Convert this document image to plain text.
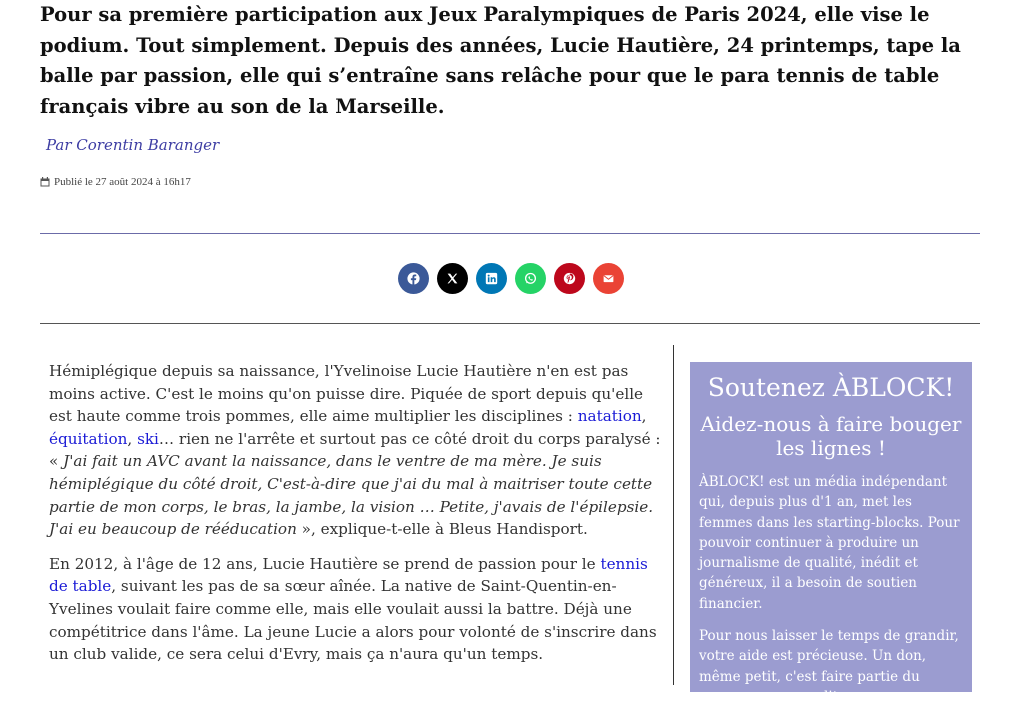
Pour sa première participation aux Jeux Paralympiques de Paris 2024, elle vise le podium. Tout simplement. Depuis des années, Lucie Hautière, 24 printemps, tape la balle par passion, elle qui s’entraîne sans relâche pour que le para tennis de table français vibre au son de la Marseille.

Par Corentin Baranger
Publié le 27 août 2024 à 16h17

Hémiplégique depuis sa naissance, l'Yvelinoise Lucie Hautière n'en est pas moins active. C'est le moins qu'on puisse dire. Piquée de sport depuis qu'elle est haute comme trois pommes, elle aime multiplier les disciplines : natation, équitation, ski… rien ne l'arrête et surtout pas ce côté droit du corps paralysé : « J'ai fait un AVC avant la naissance, dans le ventre de ma mère. Je suis hémiplégique du côté droit, C'est-à-dire que j'ai du mal à maitriser toute cette partie de mon corps, le bras, la jambe, la vision … Petite, j'avais de l'épilepsie. J'ai eu beaucoup de rééducation », explique-t-elle à Bleus Handisport.

En 2012, à l'âge de 12 ans, Lucie Hautière se prend de passion pour le tennis de table, suivant les pas de sa sœur aînée. La native de Saint-Quentin-en-Yvelines voulait faire comme elle, mais elle voulait aussi la battre. Déjà une compétitrice dans l'âme. La jeune Lucie a alors pour volonté de s'inscrire dans un club valide, ce sera celui d'Evry, mais ça n'aura qu'un temps.

Soutenez ÀBLOCK!
Aidez-nous à faire bouger les lignes !

ÀBLOCK! est un média indépendant qui, depuis plus d'1 an, met les femmes dans les starting-blocks. Pour pouvoir continuer à produire un journalisme de qualité, inédit et généreux, il a besoin de soutien financier.

Pour nous laisser le temps de grandir, votre aide est précieuse. Un don, même petit, c'est faire partie du game, comme on dit...
